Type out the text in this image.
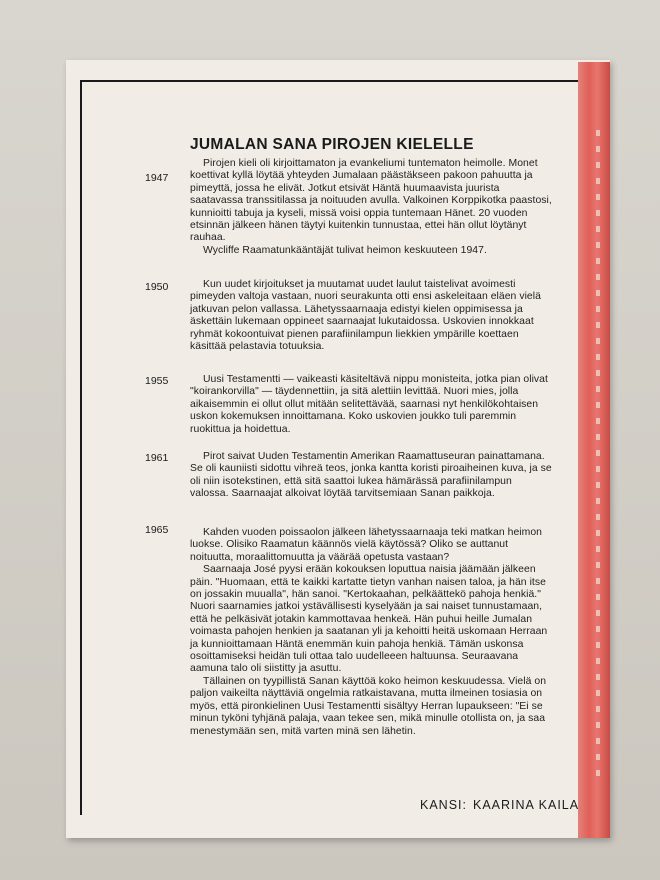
JUMALAN SANA PIROJEN KIELELLE
1947

Pirojen kieli oli kirjoittamaton ja evankeliumi tuntematon heimolle. Monet koettivat kyllä löytää yhteyden Jumalaan päästäkseen pakoon pahuutta ja pimeyttä, jossa he elivät. Jotkut etsivät Häntä huumaavista juurista saatavassa transsitilassa ja noituuden avulla. Valkoinen Korppikotka paastosi, kunnioitti tabuja ja kyseli, missä voisi oppia tuntemaan Hänet. 20 vuoden etsinnän jälkeen hänen täytyi kuitenkin tunnustaa, ettei hän ollut löytänyt rauhaa.

Wycliffe Raamatunkääntäjät tulivat heimon keskuuteen 1947.

1950	Kun uudet kirjoitukset ja muutamat uudet laulut taistelivat avoimesti pimeyden valtoja vastaan, nuori seurakunta otti ensi askeleitaan eläen vielä jatkuvan pelon vallassa. Lähetyssaarnaaja edistyi kielen oppimisessa ja äskettäin lukemaan oppineet saarnaajat lukutaidossa. Uskovien innokkaat ryhmät kokoontuivat pienen parafiinilampun liekkien ympärille koettaen käsittää pelastavia totuuksia.

1955	Uusi Testamentti — vaikeasti käsiteltävä nippu monisteita, jotka pian olivat "koirankorvilla" — täydennettiin, ja sitä alettiin levittää. Nuori mies, jolla aikaisemmin ei ollut ollut mitään selitettävää, saarnasi nyt henkilökohtaisen uskon kokemuksen innoittamana. Koko uskovien joukko tuli paremmin ruokittua ja hoidettua.

1961	Pirot saivat Uuden Testamentin Amerikan Raamattuseuran painattamana. Se oli kauniisti sidottu vihreä teos, jonka kantta koristi piroaiheinen kuva, ja se oli niin isotekstinen, että sitä saattoi lukea hämärässä parafiinilampun valossa. Saarnaajat alkoivat löytää tarvitsemiaan Sanan paikkoja.

1965	Kahden vuoden poissaolon jälkeen lähetyssaarnaaja teki matkan heimon luokse. Olisiko Raamatun käännös vielä käytössä? Oliko se auttanut noituutta, moraalittomuutta ja väärää opetusta vastaan?

Saarnaaja José pyysi erään kokouksen loputtua naisia jäämään jälkeen päin. "Huomaan, että te kaikki kartatte tietyn vanhan naisen taloa, ja hän itse on jossakin muualla", hän sanoi. "Kertokaahan, pelkäättekö pahoja henkiä." Nuori saarnamies jatkoi ystävällisesti kyselyään ja sai naiset tunnustamaan, että he pelkäsivät jotakin kammottavaa henkeä. Hän puhui heille Jumalan voimasta pahojen henkien ja saatanan yli ja kehoitti heitä uskomaan Herraan ja kunnioittamaan Häntä enemmän kuin pahoja henkiä. Tämän uskonsa osoittamiseksi heidän tuli ottaa talo uudelleeen haltuunsa. Seuraavana aamuna talo oli siistitty ja asuttu.

Tällainen on tyypillistä Sanan käyttöä koko heimon keskuudessa. Vielä on paljon vaikeilta näyttäviä ongelmia ratkaistavana, mutta ilmeinen tosiasia on myös, että pironkielinen Uusi Testamentti sisältyy Herran lupaukseen: "Ei se minun tyköni tyhjänä palaja, vaan tekee sen, mikä minulle otollista on, ja saa menestymään sen, mitä varten minä sen lähetin.

KANSI: KAARINA KAILA
